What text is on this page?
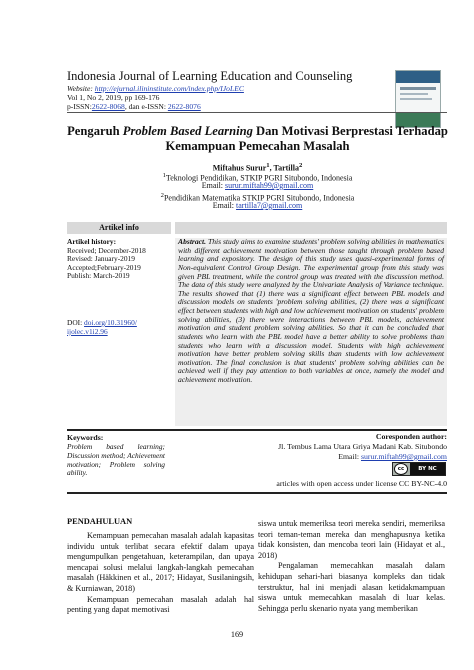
Indonesia Journal of Learning Education and Counseling
Website: http://ejurnal.ilininstitute.com/index.php/IJoLEC
Vol 1, No 2, 2019, pp 169-176
p-ISSN:2622-8068, dan e-ISSN: 2622-8076
Pengaruh Problem Based Learning Dan Motivasi Berprestasi Terhadap
Kemampuan Pemecahan Masalah
Miftahus Surur$^1$, Tartilla$^2$
$^1$Teknologi Pendidikan, STKIP PGRI Situbondo, Indonesia
Email: surur.miftah99@gmail.com
$^2$Pendidikan Matematika STKIP PGRI Situbondo, Indonesia
Email: tartilla7@gmail.com
Artikel info
Artikel history:
Received; December-2018
Revised: January-2019
Accepted;February-2019
Publish: March-2019
DOI: doi.org/10.31960/
ijolec.v1i2.96
Abstract. This study aims to examine students' problem solving abilities in mathematics with different achievement motivation between those taught through problem based learning and expository. The design of this study uses quasi-experimental forms of Non-equivalent Control Group Design. The experimental group from this study was given PBL treatment, while the control group was treated with the discussion method. The data of this study were analyzed by the Univariate Analysis of Variance technique. The results showed that (1) there was a significant effect between PBL models and discussion models on students 'problem solving abilities, (2) there was a significant effect between students with high and low achievement motivation on students' problem solving abilities, (3) there were interactions between PBL models, achievement motivation and student problem solving abilities. So that it can be concluded that students who learn with the PBL model have a better ability to solve problems than students who learn with a discussion model. Students with high achievement motivation have better problem solving skills than students with low achievement motivation. The final conclusion is that students' problem solving abilities can be achieved well if they pay attention to both variables at once, namely the model and achievement motivation.
Keywords:
Problem based learning; Discussion method; Achievement motivation; Problem solving ability.
Coresponden author:
Jl. Tembus Lama Utara Griya Madani Kab. Situbondo
Email: surur.miftah99@gmail.com
cc	BY NC
articles with open access under license CC BY-NC-4.0
PENDAHULUAN

Kemampuan pemecahan masalah adalah kapasitas individu untuk terlibat secara efektif dalam upaya mengumpulkan pengetahuan, keterampilan, dan upaya mencapai solusi melalui langkah-langkah pemecahan masalah (Häkkinen et al., 2017; Hidayat, Susilaningsih, & Kurniawan, 2018)

Kemampuan pemecahan masalah adalah hal penting yang dapat memotivasi

siswa untuk memeriksa teori mereka sendiri, memeriksa teori teman-teman mereka dan menghapusnya ketika tidak konsisten, dan mencoba teori lain (Hidayat et al., 2018)

Pengalaman memecahkan masalah dalam kehidupan sehari-hari biasanya kompleks dan tidak terstruktur, hal ini menjadi alasan ketidakmampuan siswa untuk memecahkan masalah di luar kelas. Sehingga perlu skenario nyata yang memberikan

169
